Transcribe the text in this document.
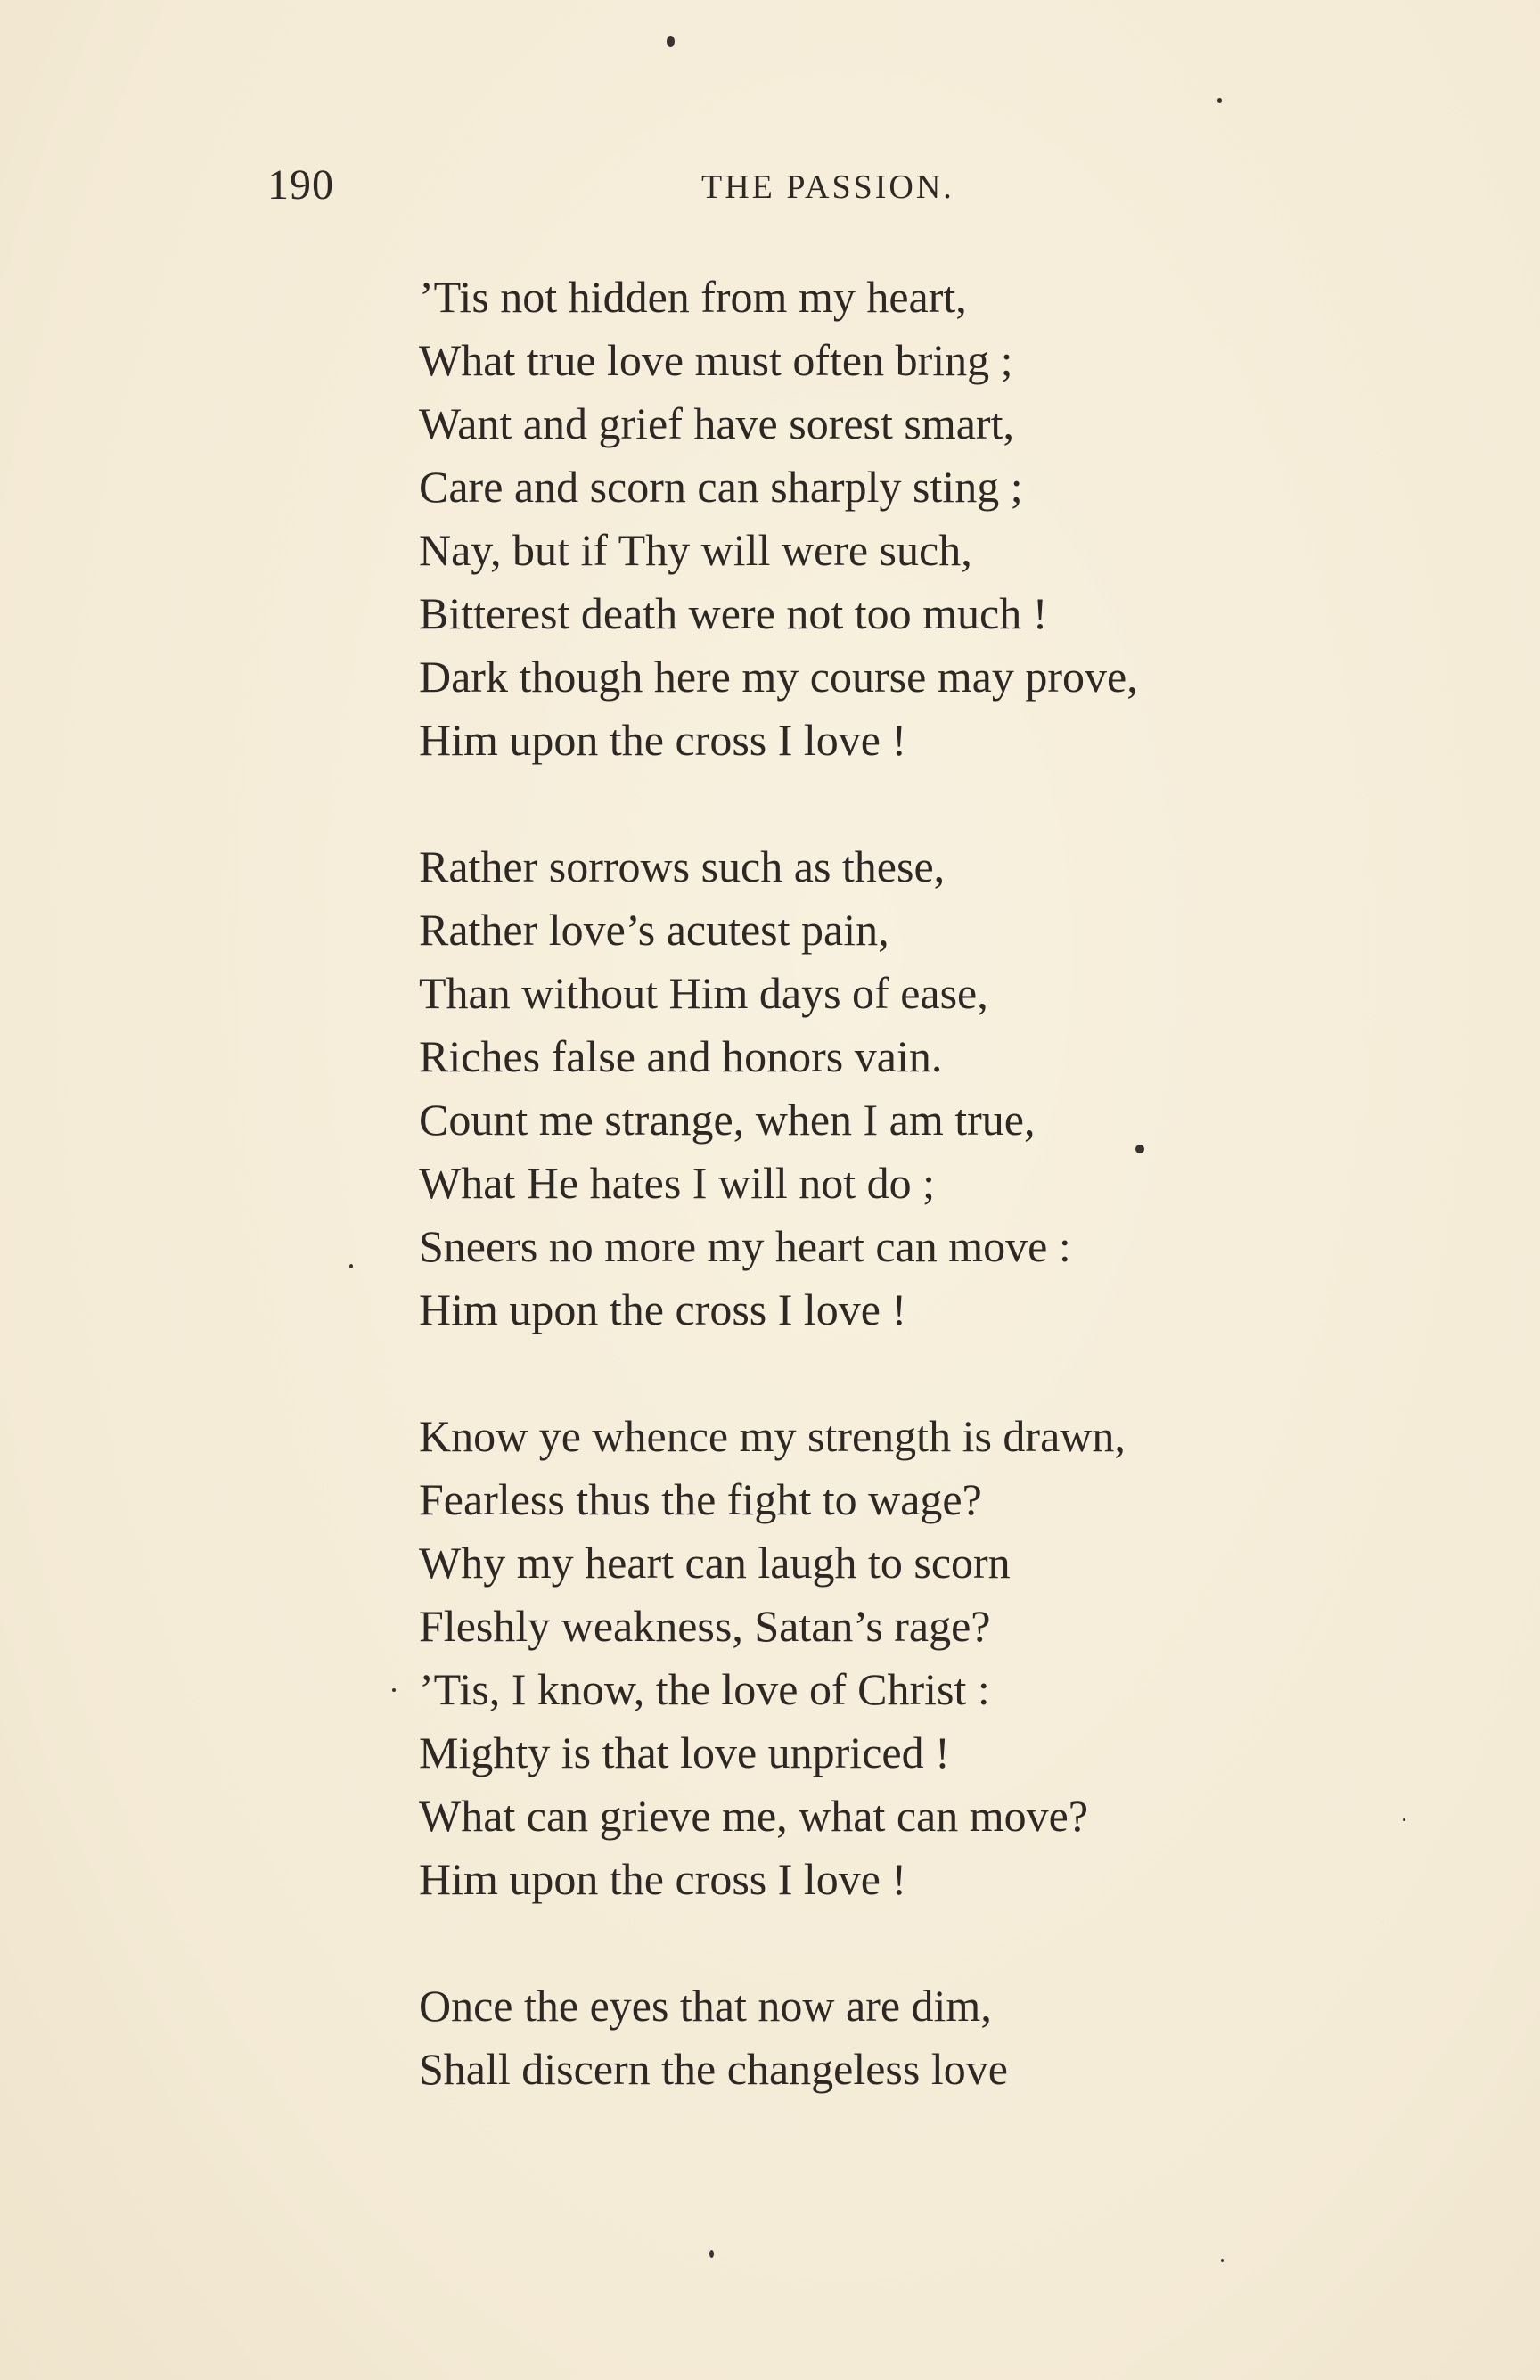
190	THE PASSION.
’Tis not hidden from my heart,
What true love must often bring ;
Want and grief have sorest smart,
Care and scorn can sharply sting ;
Nay, but if Thy will were such,
Bitterest death were not too much !
Dark though here my course may prove,
Him upon the cross I love !
Rather sorrows such as these,
Rather love’s acutest pain,
Than without Him days of ease,
Riches false and honors vain.
Count me strange, when I am true,
What He hates I will not do ;
Sneers no more my heart can move :
Him upon the cross I love !
Know ye whence my strength is drawn,
Fearless thus the fight to wage?
Why my heart can laugh to scorn
Fleshly weakness, Satan’s rage?
’Tis, I know, the love of Christ :
Mighty is that love unpriced !
What can grieve me, what can move?
Him upon the cross I love !
Once the eyes that now are dim,
Shall discern the changeless love
